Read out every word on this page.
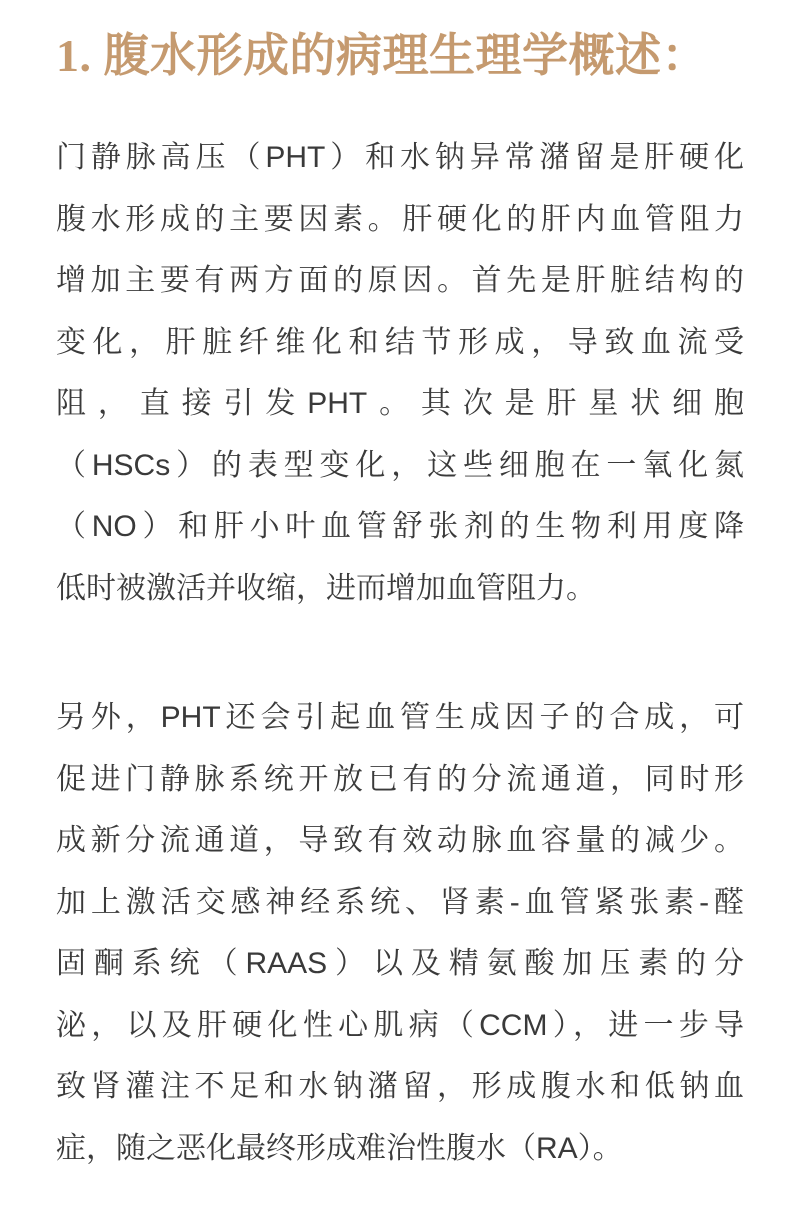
1. 腹水形成的病理生理学概述：
门静脉高压（PHT）和水钠异常潴留是肝硬化
腹水形成的主要因素。肝硬化的肝内血管阻力
增加主要有两方面的原因。首先是肝脏结构的
变化，肝脏纤维化和结节形成，导致血流受
阻，直接引发PHT。其次是肝星状细胞
（HSCs）的表型变化，这些细胞在一氧化氮
（NO）和肝小叶血管舒张剂的生物利用度降
低时被激活并收缩，进而增加血管阻力。
另外，PHT还会引起血管生成因子的合成，可
促进门静脉系统开放已有的分流通道，同时形
成新分流通道，导致有效动脉血容量的减少。
加上激活交感神经系统、肾素-血管紧张素-醛
固酮系统（RAAS）以及精氨酸加压素的分
泌，以及肝硬化性心肌病（CCM），进一步导
致肾灌注不足和水钠潴留，形成腹水和低钠血
症，随之恶化最终形成难治性腹水（RA）。
